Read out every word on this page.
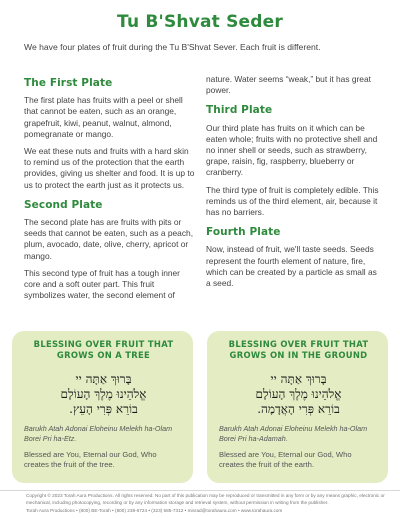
Tu B'Shvat Seder
We have four plates of fruit during the Tu B'Shvat Sever. Each fruit is different.
The First Plate

The first plate has fruits with a peel or shell that cannot be eaten, such as an orange, grapefruit, kiwi, peanut, walnut, almond, pomegranate or mango.

We eat these nuts and fruits with a hard skin to remind us of the protection that the earth provides, giving us shelter and food. It is up to us to protect the earth just as it protects us.

Second Plate

The second plate has are fruits with pits or seeds that cannot be eaten, such as a peach, plum, avocado, date, olive, cherry, apricot or mango.

This second type of fruit has a tough inner core and a soft outer part. This fruit symbolizes water, the second element of

nature. Water seems “weak,” but it has great power.

Third Plate

Our third plate has fruits on it which can be eaten whole; fruits with no protective shell and no inner shell or seeds, such as strawberry, grape, raisin, fig, raspberry, blueberry or cranberry.

The third type of fruit is completely edible. This reminds us of the third element, air, because it has no barriers.

Fourth Plate

Now, instead of fruit, we'll taste seeds. Seeds represent the fourth element of nature, fire, which can be created by a particle as small as a seed.

BLESSING OVER FRUIT THAT GROWS ON A TREE
בָּרוּךְ אַתָּה יי
אֱלֹהֵינוּ מֶלֶךְ הָעוֹלָם
בוֹרֵא פְּרִי הָעֵץ.
Barukh Atah Adonai Eloheinu Melekh ha-Olam Borei Pri ha-Etz.
Blessed are You, Eternal our God, Who creates the fruit of the tree.
BLESSING OVER FRUIT THAT GROWS ON IN THE GROUND
בָּרוּךְ אַתָּה יי
אֱלֹהֵינוּ מֶלֶךְ הָעוֹלָם
בוֹרֵא פְּרִי הָאֲדָמָה.
Barukh Atah Adonai Eloheinu Melekh ha-Olam Borei Pri ha-Adamah.
Blessed are You, Eternal our God, Who creates the fruit of the earth.
Copyright © 2023 Torah Aura Productions. All rights reserved. No part of this publication may be reproduced or transmitted in any form or by any means graphic, electronic or mechanical, including photocopying, recording or by any information storage and retrieval system, without permission in writing from the publisher.
Torah Aura Productions • (800) BE-Torah • (800) 238-6724 • (323) 585-7312 • misrad@torahaura.com • www.torahaura.com
